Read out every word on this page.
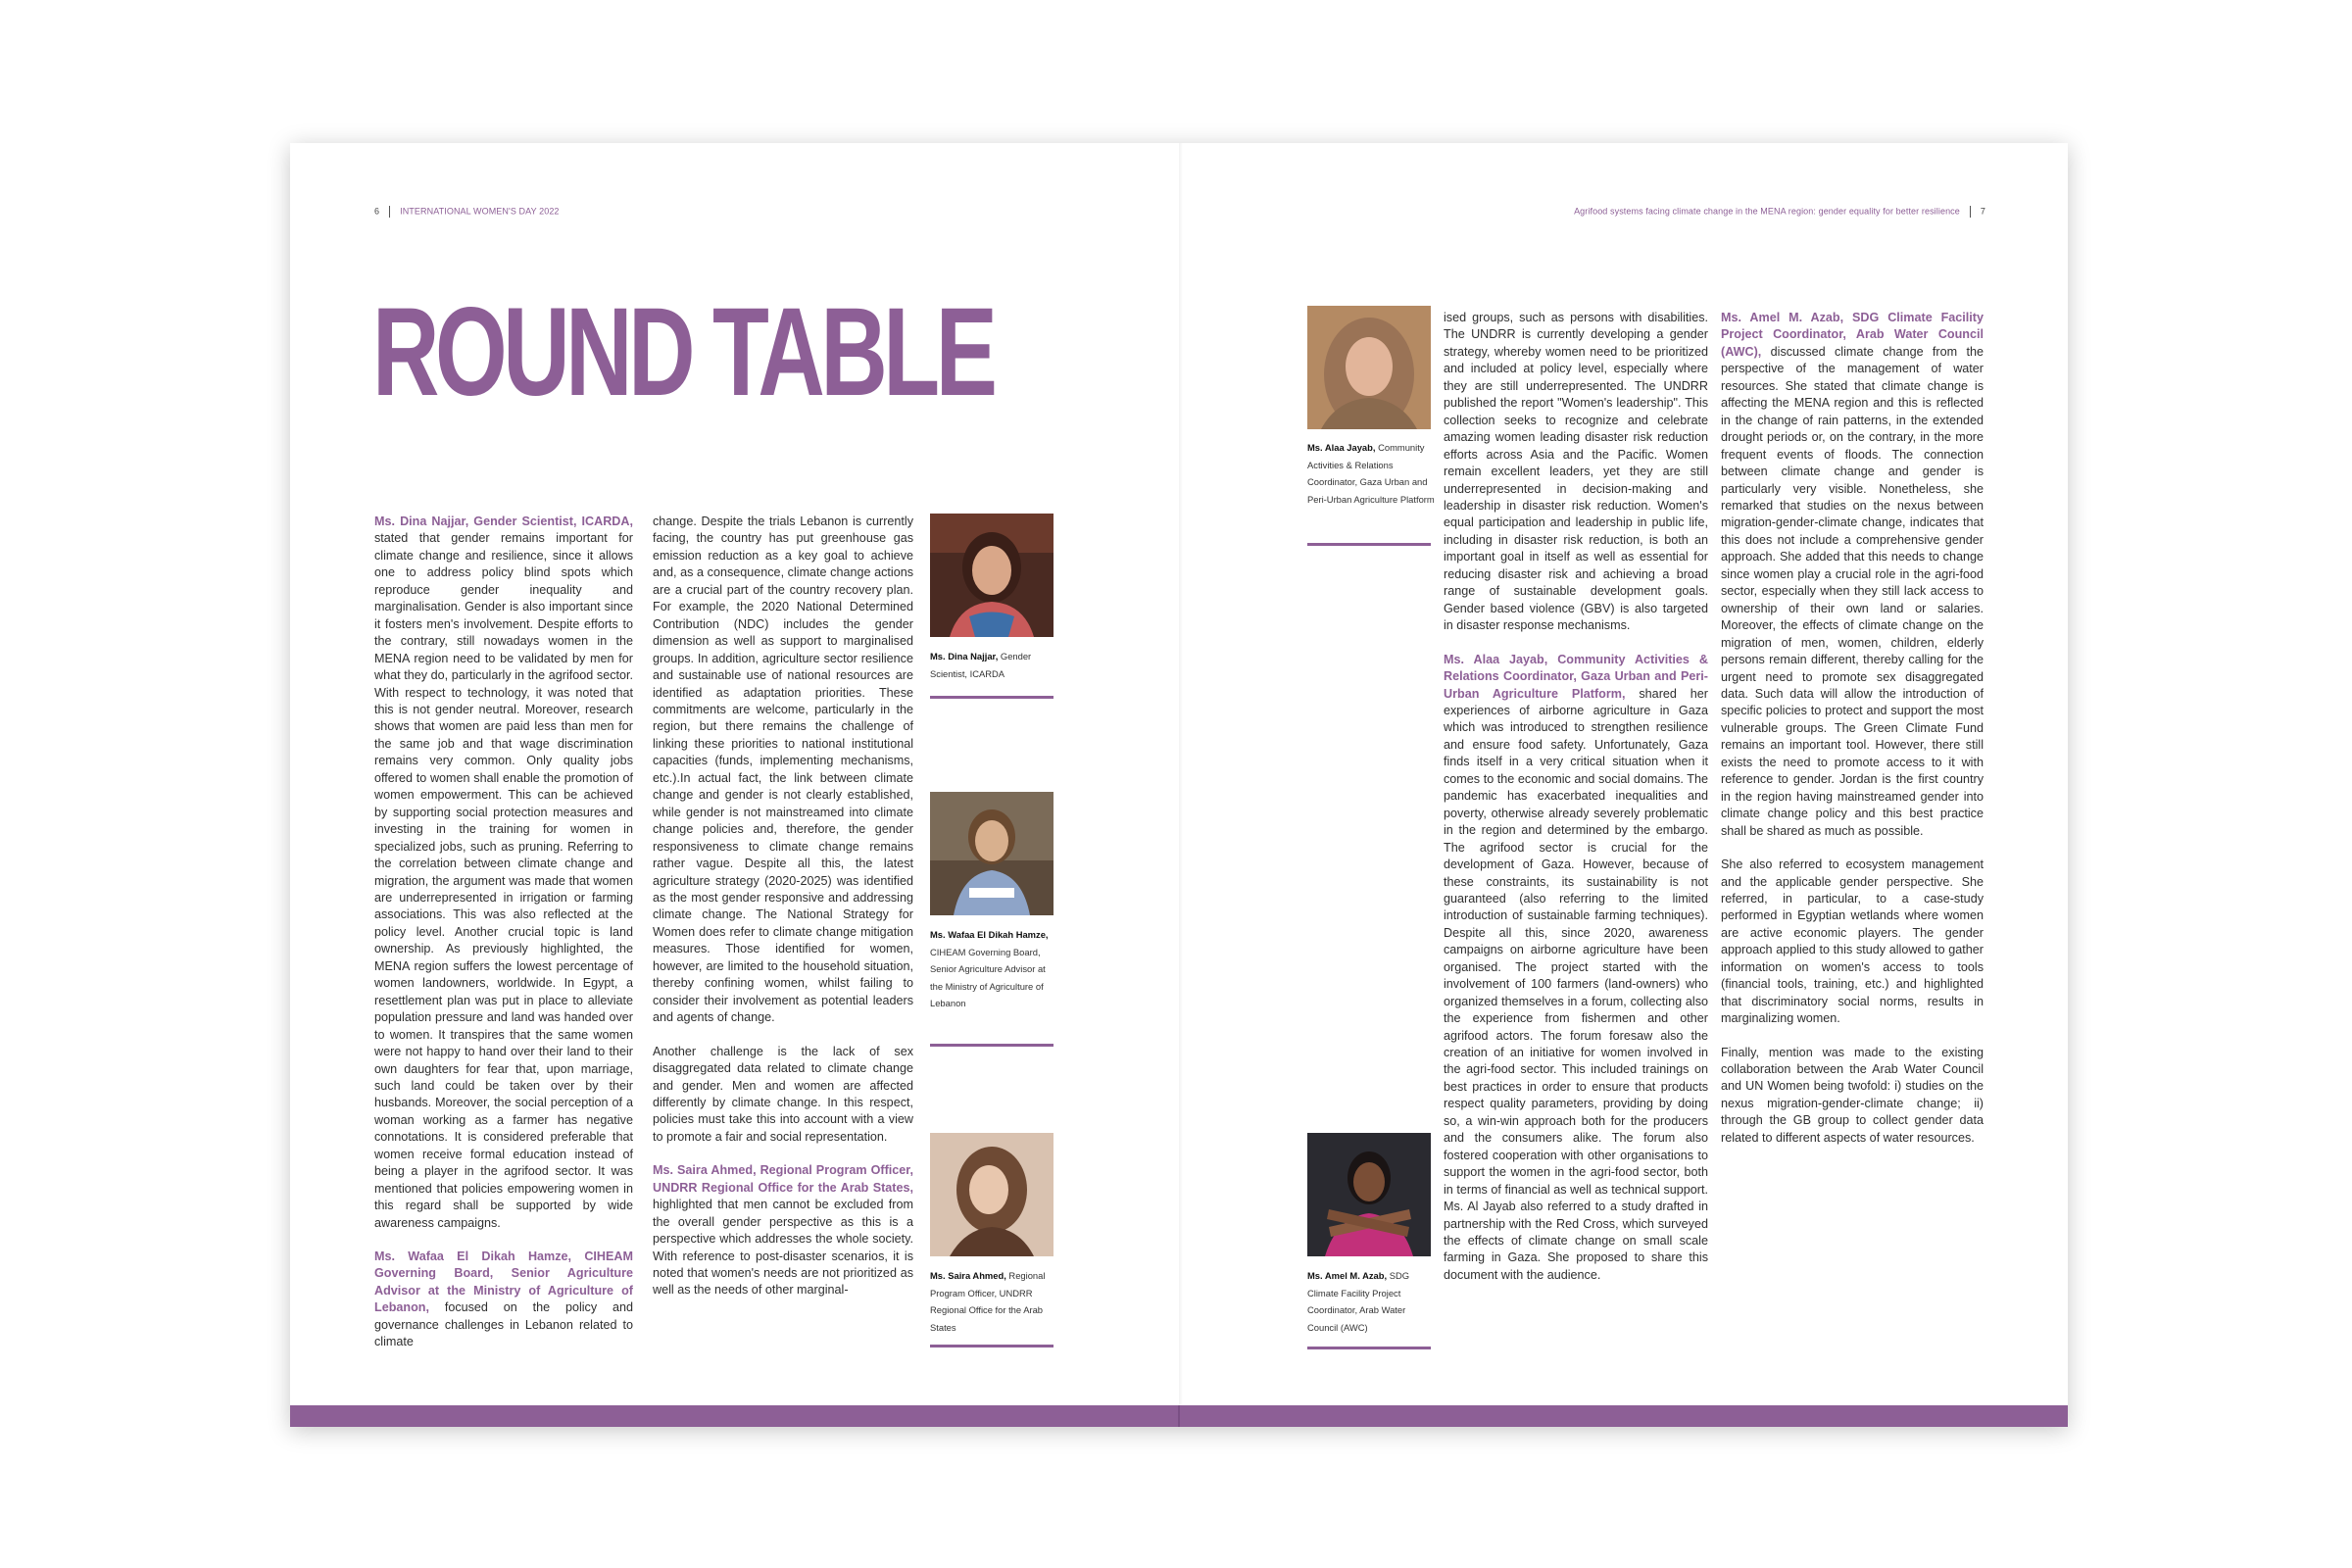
6 INTERNATIONAL WOMEN'S DAY 2022	Agrifood systems facing climate change in the MENA region: gender equality for better resilience 7
ROUND TABLE

Ms. Dina Najjar, Gender Scientist, ICARDA, stated that gender remains important for climate change and resilience, since it allows one to address policy blind spots which reproduce gender inequality and marginalisation. Gender is also important since it fosters men's involvement. Despite efforts to the contrary, still nowadays women in the MENA region need to be validated by men for what they do, particularly in the agrifood sector. With respect to technology, it was noted that this is not gender neutral. Moreover, research shows that women are paid less than men for the same job and that wage discrimination remains very common. Only quality jobs offered to women shall enable the promotion of women empowerment. This can be achieved by supporting social protection measures and investing in the training for women in specialized jobs, such as pruning. Referring to the correlation between climate change and migration, the argument was made that women are underrepresented in irrigation or farming associations. This was also reflected at the policy level. Another crucial topic is land ownership. As previously highlighted, the MENA region suffers the lowest percentage of women landowners, worldwide. In Egypt, a resettlement plan was put in place to alleviate population pressure and land was handed over to women. It transpires that the same women were not happy to hand over their land to their own daughters for fear that, upon marriage, such land could be taken over by their husbands. Moreover, the social perception of a woman working as a farmer has negative connotations. It is considered preferable that women receive formal education instead of being a player in the agrifood sector. It was mentioned that policies empowering women in this regard shall be supported by wide awareness campaigns.

Ms. Wafaa El Dikah Hamze, CIHEAM Governing Board, Senior Agriculture Advisor at the Ministry of Agriculture of Lebanon, focused on the policy and governance challenges in Lebanon related to climate

change. Despite the trials Lebanon is currently facing, the country has put greenhouse gas emission reduction as a key goal to achieve and, as a consequence, climate change actions are a crucial part of the country recovery plan. For example, the 2020 National Determined Contribution (NDC) includes the gender dimension as well as support to marginalised groups. In addition, agriculture sector resilience and sustainable use of national resources are identified as adaptation priorities. These commitments are welcome, particularly in the region, but there remains the challenge of linking these priorities to national institutional capacities (funds, implementing mechanisms, etc.).In actual fact, the link between climate change and gender is not clearly established, while gender is not mainstreamed into climate change policies and, therefore, the gender responsiveness to climate change remains rather vague. Despite all this, the latest agriculture strategy (2020-2025) was identified as the most gender responsive and addressing climate change. The National Strategy for Women does refer to climate change mitigation measures. Those identified for women, however, are limited to the household situation, thereby confining women, whilst failing to consider their involvement as potential leaders and agents of change.

Another challenge is the lack of sex disaggregated data related to climate change and gender. Men and women are affected differently by climate change. In this respect, policies must take this into account with a view to promote a fair and social representation.

Ms. Saira Ahmed, Regional Program Officer, UNDRR Regional Office for the Arab States, highlighted that men cannot be excluded from the overall gender perspective as this is a perspective which addresses the whole society. With reference to post-disaster scenarios, it is noted that women's needs are not prioritized as well as the needs of other marginal-

Ms. Dina Najjar, Gender Scientist, ICARDA
Ms. Wafaa El Dikah Hamze, CIHEAM Governing Board, Senior Agriculture Advisor at the Ministry of Agriculture of Lebanon
Ms. Saira Ahmed, Regional Program Officer, UNDRR Regional Office for the Arab States
Ms. Alaa Jayab, Community Activities & Relations Coordinator, Gaza Urban and Peri-Urban Agriculture Platform
Ms. Amel M. Azab, SDG Climate Facility Project Coordinator, Arab Water Council (AWC)

ised groups, such as persons with disabilities. The UNDRR is currently developing a gender strategy, whereby women need to be prioritized and included at policy level, especially where they are still underrepresented. The UNDRR published the report "Women's leadership". This collection seeks to recognize and celebrate amazing women leading disaster risk reduction efforts across Asia and the Pacific. Women remain excellent leaders, yet they are still underrepresented in decision-making and leadership in disaster risk reduction. Women's equal participation and leadership in public life, including in disaster risk reduction, is both an important goal in itself as well as essential for reducing disaster risk and achieving a broad range of sustainable development goals. Gender based violence (GBV) is also targeted in disaster response mechanisms.

Ms. Alaa Jayab, Community Activities & Relations Coordinator, Gaza Urban and Peri-Urban Agriculture Platform, shared her experiences of airborne agriculture in Gaza which was introduced to strengthen resilience and ensure food safety. Unfortunately, Gaza finds itself in a very critical situation when it comes to the economic and social domains. The pandemic has exacerbated inequalities and poverty, otherwise already severely problematic in the region and determined by the embargo. The agrifood sector is crucial for the development of Gaza. However, because of these constraints, its sustainability is not guaranteed (also referring to the limited introduction of sustainable farming techniques). Despite all this, since 2020, awareness campaigns on airborne agriculture have been organised. The project started with the involvement of 100 farmers (land-owners) who organized themselves in a forum, collecting also the experience from fishermen and other agrifood actors. The forum foresaw also the creation of an initiative for women involved in the agri-food sector. This included trainings on best practices in order to ensure that products respect quality parameters, providing by doing so, a win-win approach both for the producers and the consumers alike. The forum also fostered cooperation with other organisations to support the women in the agri-food sector, both in terms of financial as well as technical support. Ms. Al Jayab also referred to a study drafted in partnership with the Red Cross, which surveyed the effects of climate change on small scale farming in Gaza. She proposed to share this document with the audience.

Ms. Amel M. Azab, SDG Climate Facility Project Coordinator, Arab Water Council (AWC), discussed climate change from the perspective of the management of water resources. She stated that climate change is affecting the MENA region and this is reflected in the change of rain patterns, in the extended drought periods or, on the contrary, in the more frequent events of floods. The connection between climate change and gender is particularly very visible. Nonetheless, she remarked that studies on the nexus between migration-gender-climate change, indicates that this does not include a comprehensive gender approach. She added that this needs to change since women play a crucial role in the agri-food sector, especially when they still lack access to ownership of their own land or salaries. Moreover, the effects of climate change on the migration of men, women, children, elderly persons remain different, thereby calling for the urgent need to promote sex disaggregated data. Such data will allow the introduction of specific policies to protect and support the most vulnerable groups. The Green Climate Fund remains an important tool. However, there still exists the need to promote access to it with reference to gender. Jordan is the first country in the region having mainstreamed gender into climate change policy and this best practice shall be shared as much as possible.

She also referred to ecosystem management and the applicable gender perspective. She referred, in particular, to a case-study performed in Egyptian wetlands where women are active economic players. The gender approach applied to this study allowed to gather information on women's access to tools (financial tools, training, etc.) and highlighted that discriminatory social norms, results in marginalizing women.

Finally, mention was made to the existing collaboration between the Arab Water Council and UN Women being twofold: i) studies on the nexus migration-gender-climate change; ii) through the GB group to collect gender data related to different aspects of water resources.
